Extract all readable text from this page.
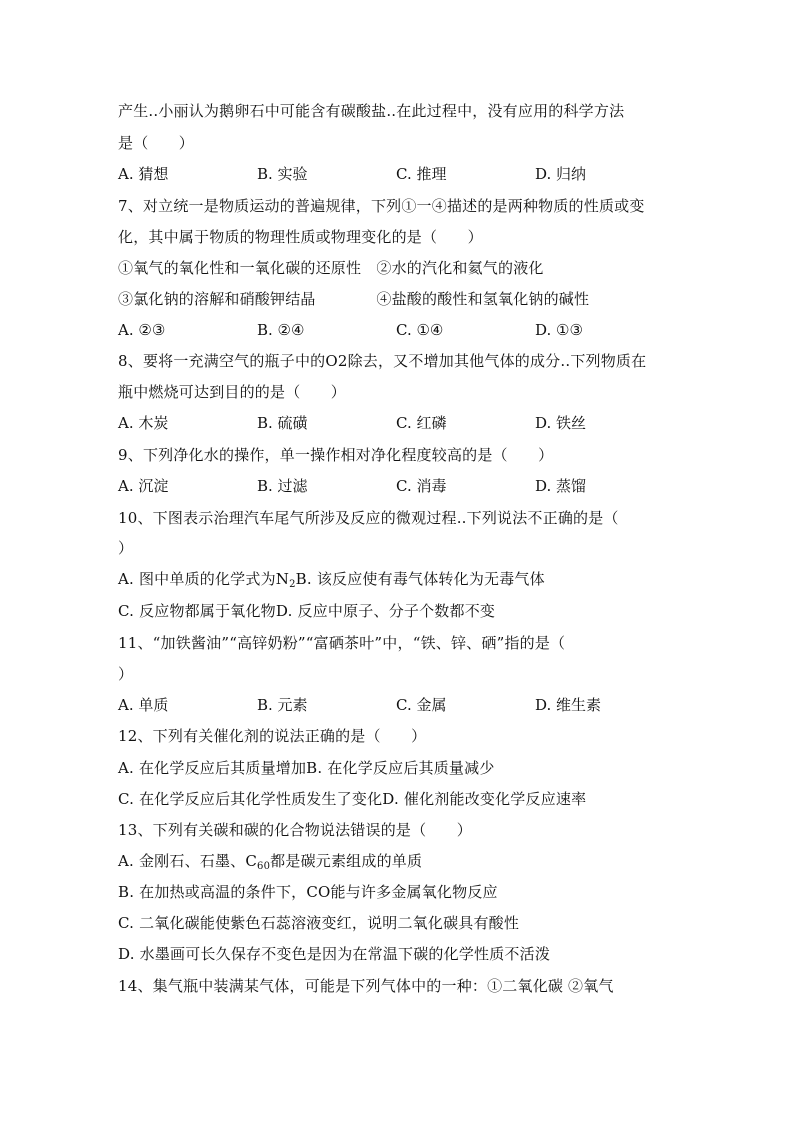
产生..小丽认为鹅卵石中可能含有碳酸盐..在此过程中，没有应用的科学方法
是（　　）
A. 猜想	B. 实验	C. 推理	D. 归纳
7、对立统一是物质运动的普遍规律，下列①一④描述的是两种物质的性质或变
化，其中属于物质的物理性质或物理变化的是（　　）
①氧气的氧化性和一氧化碳的还原性　②水的汽化和氦气的液化
③氯化钠的溶解和硝酸钾结晶　　　　④盐酸的酸性和氢氧化钠的碱性
A. ②③	B. ②④	C. ①④	D. ①③
8、要将一充满空气的瓶子中的O2除去，又不增加其他气体的成分..下列物质在
瓶中燃烧可达到目的的是（　　）
A. 木炭	B. 硫磺	C. 红磷	D. 铁丝
9、下列净化水的操作，单一操作相对净化程度较高的是（　　）
A. 沉淀	B. 过滤	C. 消毒	D. 蒸馏
10、下图表示治理汽车尾气所涉及反应的微观过程..下列说法不正确的是（
）
A. 图中单质的化学式为$N_2B$. 该反应使有毒气体转化为无毒气体
C. 反应物都属于氧化物D. 反应中原子、分子个数都不变
11、“加铁酱油”“高锌奶粉”“富硒茶叶”中，“铁、锌、硒”指的是（
）
A. 单质	B. 元素	C. 金属	D. 维生素
12、下列有关催化剂的说法正确的是（　　）
A. 在化学反应后其质量增加B. 在化学反应后其质量减少
C. 在化学反应后其化学性质发生了变化D. 催化剂能改变化学反应速率
13、下列有关碳和碳的化合物说法错误的是（　　）
A. 金刚石、石墨、$C_{60}$都是碳元素组成的单质
B. 在加热或高温的条件下，CO能与许多金属氧化物反应
C. 二氧化碳能使紫色石蕊溶液变红，说明二氧化碳具有酸性
D. 水墨画可长久保存不变色是因为在常温下碳的化学性质不活泼
14、集气瓶中装满某气体，可能是下列气体中的一种：①二氧化碳 ②氧气
